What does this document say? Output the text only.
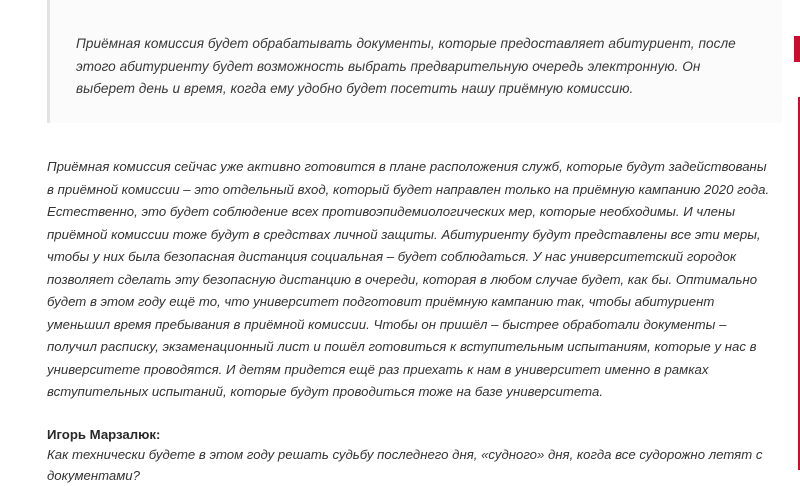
Приёмная комиссия будет обрабатывать документы, которые предоставляет абитуриент, после этого абитуриенту будет возможность выбрать предварительную очередь электронную. Он выберет день и время, когда ему удобно будет посетить нашу приёмную комиссию.

Приёмная комиссия сейчас уже активно готовится в плане расположения служб, которые будут задействованы в приёмной комиссии – это отдельный вход, который будет направлен только на приёмную кампанию 2020 года. Естественно, это будет соблюдение всех противоэпидемиологических мер, которые необходимы. И члены приёмной комиссии тоже будут в средствах личной защиты. Абитуриенту будут представлены все эти меры, чтобы у них была безопасная дистанция социальная – будет соблюдаться. У нас университетский городок позволяет сделать эту безопасную дистанцию в очереди, которая в любом случае будет, как бы. Оптимально будет в этом году ещё то, что университет подготовит приёмную кампанию так, чтобы абитуриент уменьшил время пребывания в приёмной комиссии. Чтобы он пришёл – быстрее обработали документы – получил расписку, экзаменационный лист и пошёл готовиться к вступительным испытаниям, которые у нас в университете проводятся. И детям придется ещё раз приехать к нам в университет именно в рамках вступительных испытаний, которые будут проводиться тоже на базе университета.

Игорь Марзалюк:

Как технически будете в этом году решать судьбу последнего дня, «судного» дня, когда все судорожно летят с документами?
